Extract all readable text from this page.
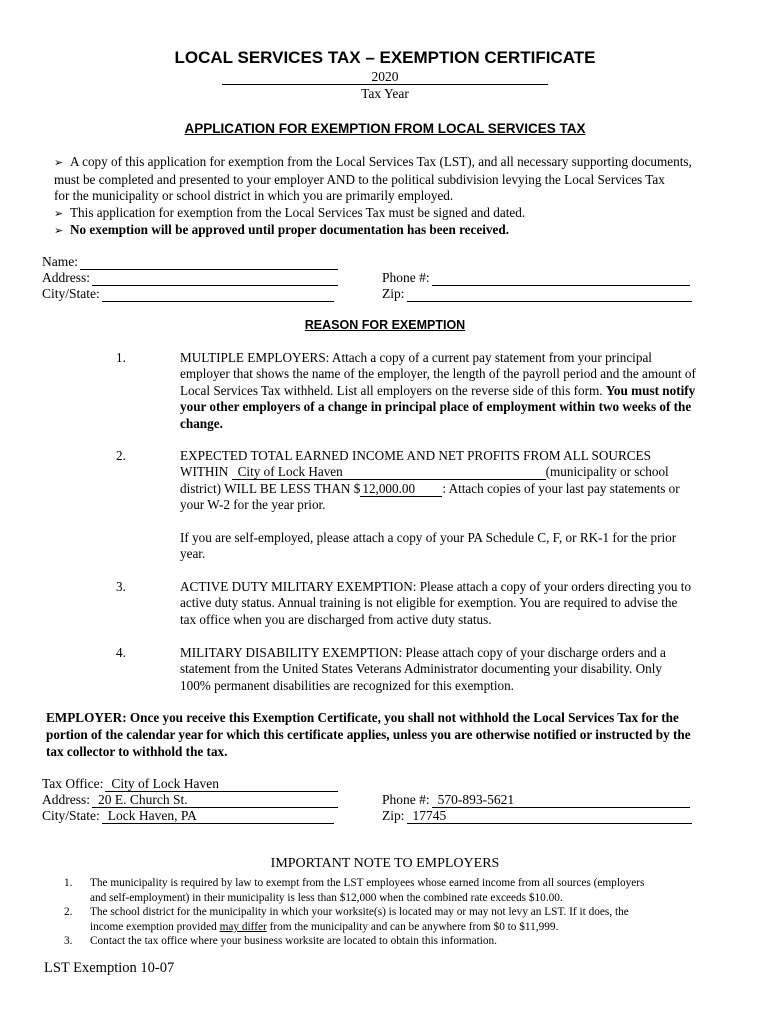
LOCAL SERVICES TAX – EXEMPTION CERTIFICATE
2020
Tax Year
APPLICATION FOR EXEMPTION FROM LOCAL SERVICES TAX
➢ A copy of this application for exemption from the Local Services Tax (LST), and all necessary supporting documents,
must be completed and presented to your employer AND to the political subdivision levying the Local Services Tax
for the municipality or school district in which you are primarily employed.
➢ This application for exemption from the Local Services Tax must be signed and dated.
➢ No exemption will be approved until proper documentation has been received.
Name:
Address:
City/State:
Phone #:
Zip:
REASON FOR EXEMPTION
1.	MULTIPLE EMPLOYERS: Attach a copy of a current pay statement from your principal
employer that shows the name of the employer, the length of the payroll period and the amount of
Local Services Tax withheld. List all employers on the reverse side of this form. You must notify
your other employers of a change in principal place of employment within two weeks of the
change.
2.	EXPECTED TOTAL EARNED INCOME AND NET PROFITS FROM ALL SOURCES
WITHIN City of Lock Haven	(municipality or school
district) WILL BE LESS THAN $ 12,000.00 : Attach copies of your last pay statements or
your W-2 for the year prior.
If you are self-employed, please attach a copy of your PA Schedule C, F, or RK-1 for the prior
year.
3.	ACTIVE DUTY MILITARY EXEMPTION: Please attach a copy of your orders directing you to
active duty status. Annual training is not eligible for exemption. You are required to advise the
tax office when you are discharged from active duty status.
4.	MILITARY DISABILITY EXEMPTION: Please attach copy of your discharge orders and a
statement from the United States Veterans Administrator documenting your disability. Only
100% permanent disabilities are recognized for this exemption.
EMPLOYER: Once you receive this Exemption Certificate, you shall not withhold the Local Services Tax for the
portion of the calendar year for which this certificate applies, unless you are otherwise notified or instructed by the
tax collector to withhold the tax.
Tax Office: City of Lock Haven
Address: 20 E. Church St.
City/State: Lock Haven, PA
Phone #: 570-893-5621
Zip: 17745
IMPORTANT NOTE TO EMPLOYERS
1. The municipality is required by law to exempt from the LST employees whose earned income from all sources (employers
and self-employment) in their municipality is less than $12,000 when the combined rate exceeds $10.00.
2. The school district for the municipality in which your worksite(s) is located may or may not levy an LST. If it does, the
income exemption provided may differ from the municipality and can be anywhere from $0 to $11,999.
3. Contact the tax office where your business worksite are located to obtain this information.
LST Exemption 10-07
